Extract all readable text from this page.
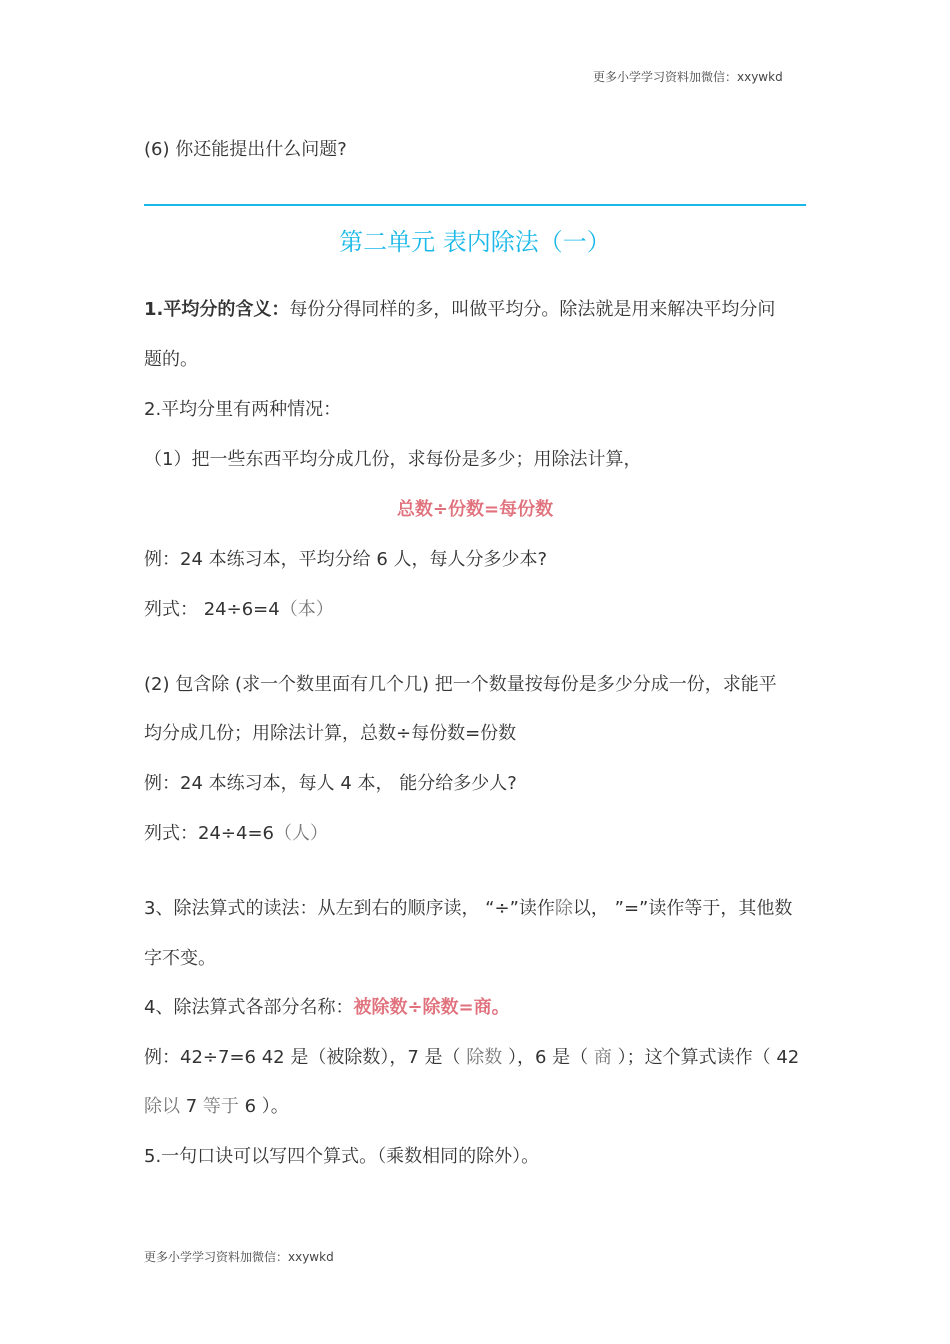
更多小学学习资料加微信：xxywkd
(6) 你还能提出什么问题?
第二单元 表内除法（一）
1.平均分的含义：每份分得同样的多，叫做平均分。除法就是用来解决平均分问
题的。
2.平均分里有两种情况：
（1）把一些东西平均分成几份，求每份是多少；用除法计算，
总数÷份数=每份数
例：24 本练习本，平均分给 6 人，每人分多少本?
列式： 24÷6=4（本）
(2) 包含除 (求一个数里面有几个几) 把一个数量按每份是多少分成一份，求能平
均分成几份；用除法计算，总数÷每份数=份数
例：24 本练习本，每人 4 本， 能分给多少人?
列式：24÷4=6（人）
3、除法算式的读法：从左到右的顺序读， “÷”读作除以， ”=”读作等于，其他数
字不变。
4、除法算式各部分名称：被除数÷除数=商。
例：42÷7=6 42 是（被除数），7 是（ 除数 ），6 是（ 商 ）；这个算式读作（ 42
除以 7 等于 6 ）。
5.一句口诀可以写四个算式。（乘数相同的除外）。
更多小学学习资料加微信：xxywkd
